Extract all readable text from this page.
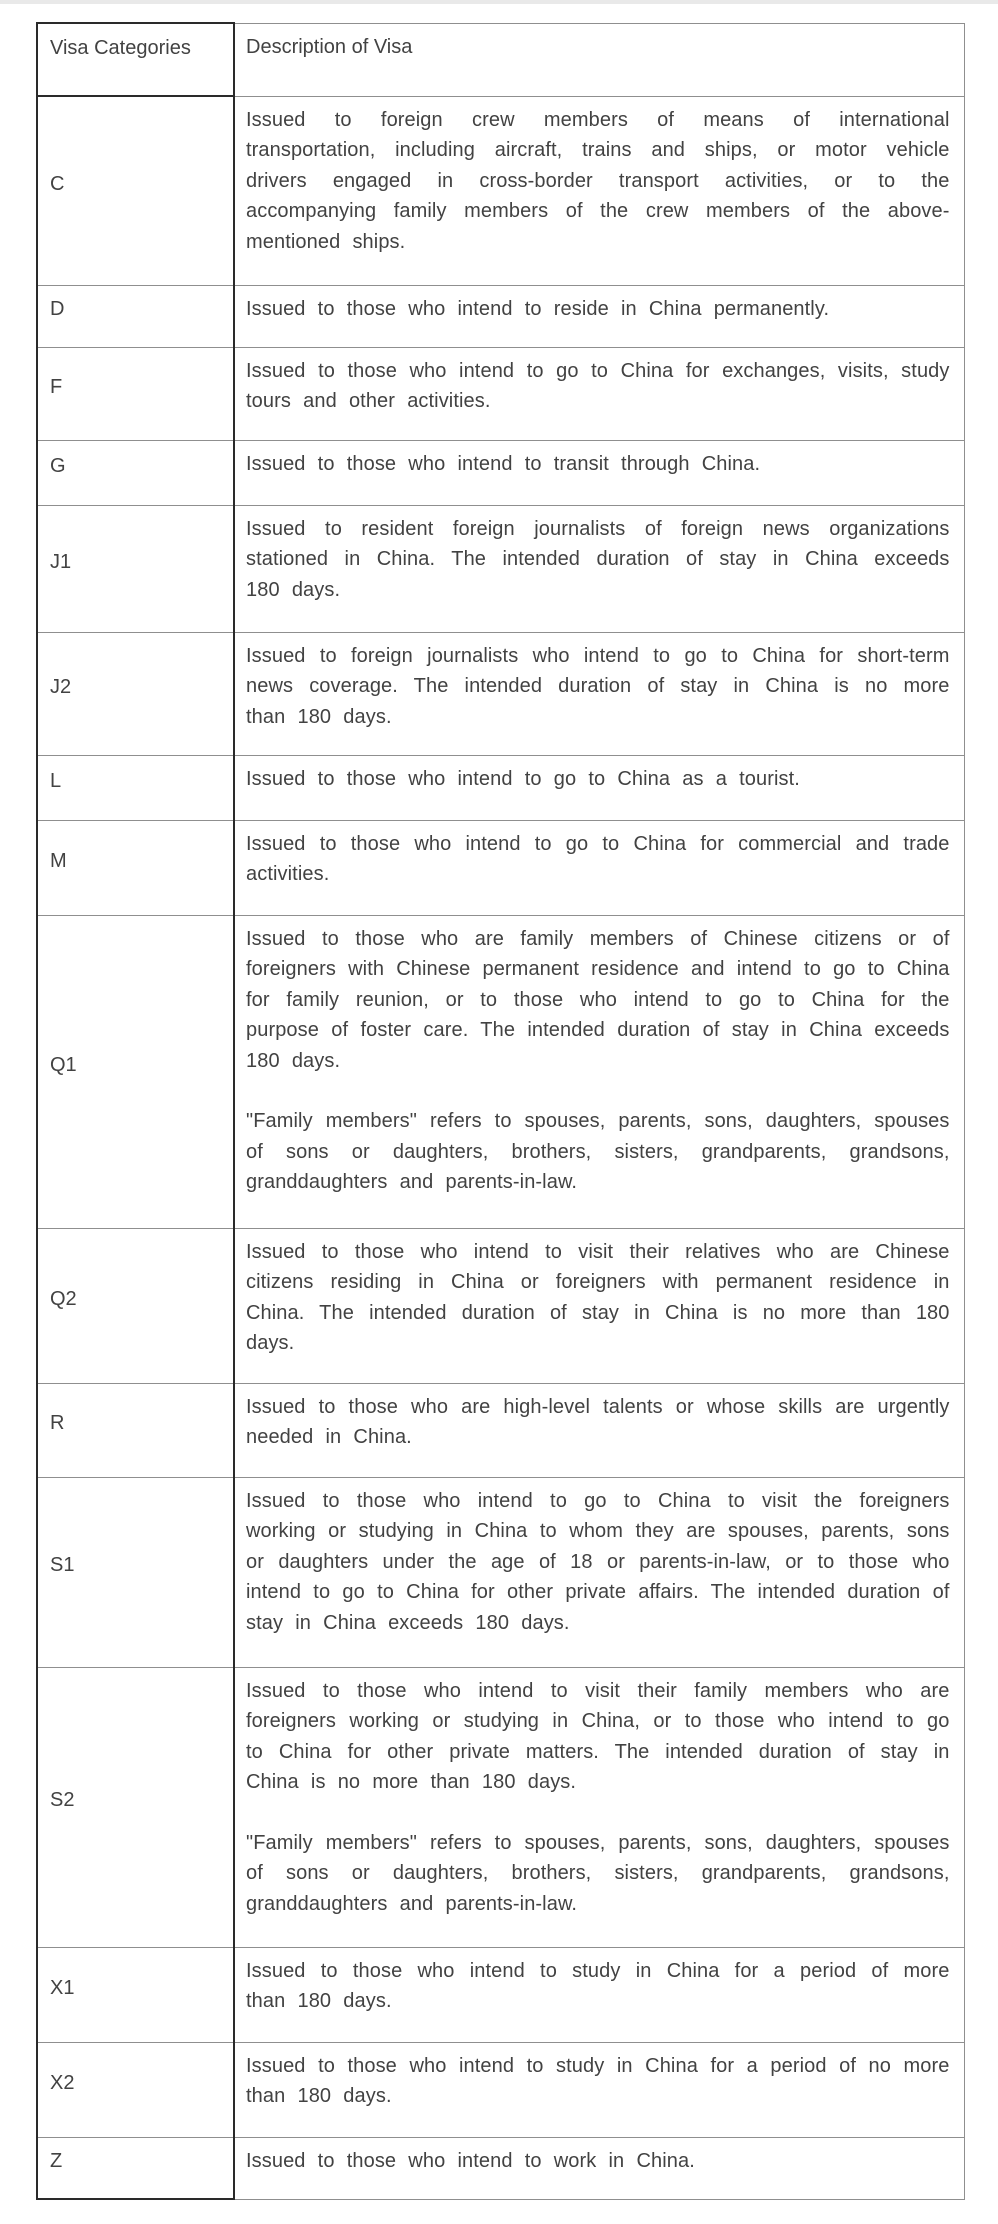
Visa Categories	Description of Visa
C	Issued to foreign crew members of means of international transportation, including aircraft, trains and ships, or motor vehicle drivers engaged in cross-border transport activities, or to the accompanying family members of the crew members of the above-mentioned ships.

D	Issued to those who intend to reside in China permanently.

F	Issued to those who intend to go to China for exchanges, visits, study tours and other activities.

G	Issued to those who intend to transit through China.

J1	Issued to resident foreign journalists of foreign news organizations stationed in China. The intended duration of stay in China exceeds 180 days.

J2	Issued to foreign journalists who intend to go to China for short-term news coverage. The intended duration of stay in China is no more than 180 days.

L	Issued to those who intend to go to China as a tourist.

M	Issued to those who intend to go to China for commercial and trade activities.

Q1	Issued to those who are family members of Chinese citizens or of foreigners with Chinese permanent residence and intend to go to China for family reunion, or to those who intend to go to China for the purpose of foster care. The intended duration of stay in China exceeds 180 days.

"Family members" refers to spouses, parents, sons, daughters, spouses of sons or daughters, brothers, sisters, grandparents, grandsons, granddaughters and parents-in-law.

Q2	Issued to those who intend to visit their relatives who are Chinese citizens residing in China or foreigners with permanent residence in China. The intended duration of stay in China is no more than 180 days.

R	Issued to those who are high-level talents or whose skills are urgently needed in China.

S1	Issued to those who intend to go to China to visit the foreigners working or studying in China to whom they are spouses, parents, sons or daughters under the age of 18 or parents-in-law, or to those who intend to go to China for other private affairs. The intended duration of stay in China exceeds 180 days.

S2	Issued to those who intend to visit their family members who are foreigners working or studying in China, or to those who intend to go to China for other private matters. The intended duration of stay in China is no more than 180 days.

"Family members" refers to spouses, parents, sons, daughters, spouses of sons or daughters, brothers, sisters, grandparents, grandsons, granddaughters and parents-in-law.

X1	Issued to those who intend to study in China for a period of more than 180 days.

X2	Issued to those who intend to study in China for a period of no more than 180 days.

Z	Issued to those who intend to work in China.
